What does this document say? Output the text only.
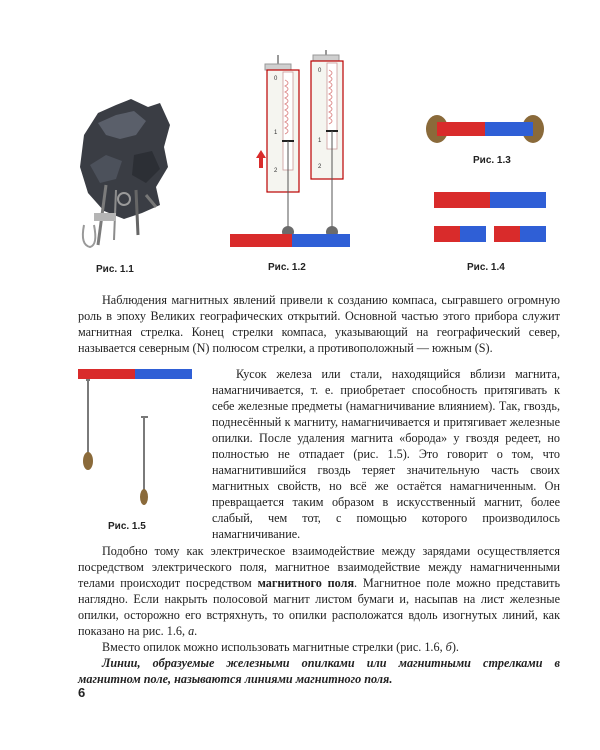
Рис. 1.1
0
1
2
0
1
2
Рис. 1.2
Рис. 1.3
Рис. 1.4
Рис. 1.5

Наблюдения магнитных явлений привели к созданию компаса, сыгравшего огромную роль в эпоху Великих географических открытий. Основной частью этого прибора служит магнитная стрелка. Конец стрелки компаса, указывающий на географический север, называется северным (N) полюсом стрелки, а противоположный — южным (S).

Кусок железа или стали, находящийся вблизи магнита, намагничивается, т. е. приобретает способность притягивать к себе железные предметы (намагничивание влиянием). Так, гвоздь, поднесённый к магниту, намагничивается и притягивает железные опилки. После удаления магнита «борода» у гвоздя редеет, но полностью не отпадает (рис. 1.5). Это говорит о том, что намагнитившийся гвоздь теряет значительную часть своих магнитных свойств, но всё же остаётся намагниченным. Он превращается таким образом в искусственный магнит, более слабый, чем тот, с помощью которого производилось намагничивание.

Подобно тому как электрическое взаимодействие между зарядами осуществляется посредством электрического поля, магнитное взаимодействие между намагниченными телами происходит посредством магнитного поля. Магнитное поле можно представить наглядно. Если накрыть полосовой магнит листом бумаги и, насыпав на лист железные опилки, осторожно его встряхнуть, то опилки расположатся вдоль изогнутых линий, как показано на рис. 1.6, а.

Вместо опилок можно использовать магнитные стрелки (рис. 1.6, б).

Линии, образуемые железными опилками или магнитными стрелками в магнитном поле, называются линиями магнитного поля.

6
